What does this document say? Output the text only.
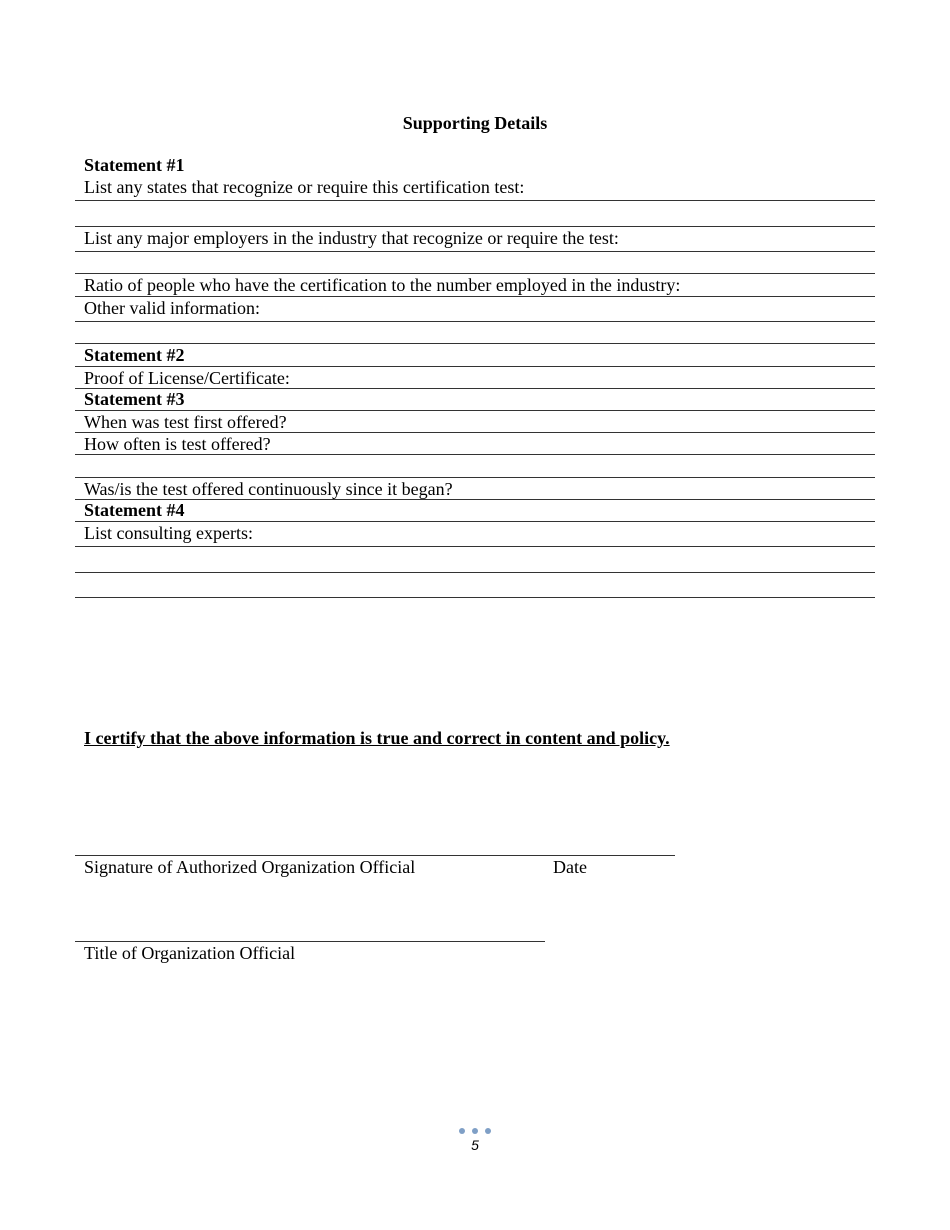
Supporting Details
Statement #1
List any states that recognize or require this certification test:
List any major employers in the industry that recognize or require the test:
Ratio of people who have the certification to the number employed in the industry:
Other valid information:
Statement #2
Proof of License/Certificate:
Statement #3
When was test first offered?
How often is test offered?
Was/is the test offered continuously since it began?
Statement #4
List consulting experts:
I certify that the above information is true and correct in content and policy.
Signature of Authorized Organization Official	Date
Title of Organization Official
5
